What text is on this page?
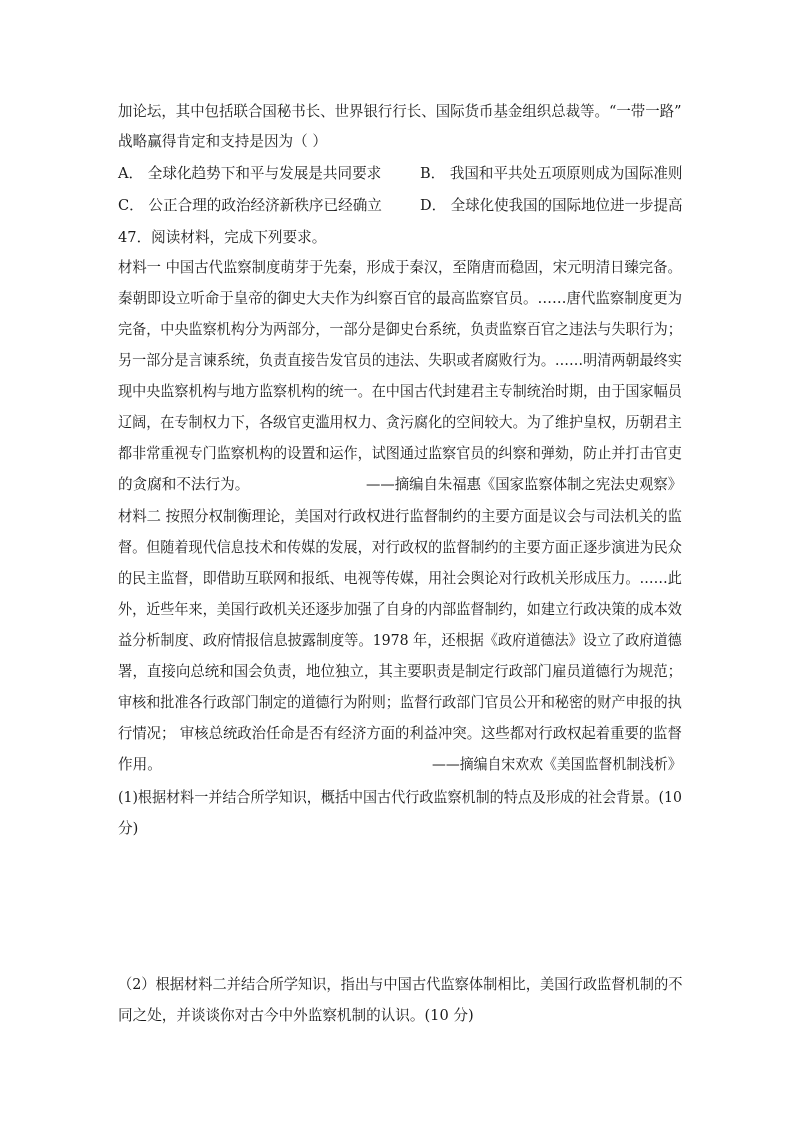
加论坛，其中包括联合国秘书长、世界银行行长、国际货币基金组织总裁等。“一带一路”
战略赢得肯定和支持是因为（ ）
A． 全球化趋势下和平与发展是共同要求	B． 我国和平共处五项原则成为国际准则
C． 公正合理的政治经济新秩序已经确立	D． 全球化使我国的国际地位进一步提高
47．阅读材料，完成下列要求。
材料一 中国古代监察制度萌芽于先秦，形成于秦汉，至隋唐而稳固，宋元明清日臻完备。
秦朝即设立听命于皇帝的御史大夫作为纠察百官的最高监察官员。……唐代监察制度更为
完备，中央监察机构分为两部分，一部分是御史台系统，负责监察百官之违法与失职行为；
另一部分是言谏系统，负责直接告发官员的违法、失职或者腐败行为。……明清两朝最终实
现中央监察机构与地方监察机构的统一。在中国古代封建君主专制统治时期，由于国家幅员
辽阔，在专制权力下，各级官吏滥用权力、贪污腐化的空间较大。为了维护皇权，历朝君主
都非常重视专门监察机构的设置和运作，试图通过监察官员的纠察和弹劾，防止并打击官吏
的贪腐和不法行为。	——摘编自朱福惠《国家监察体制之宪法史观察》
材料二 按照分权制衡理论，美国对行政权进行监督制约的主要方面是议会与司法机关的监
督。但随着现代信息技术和传媒的发展，对行政权的监督制约的主要方面正逐步演进为民众
的民主监督，即借助互联网和报纸、电视等传媒，用社会舆论对行政机关形成压力。……此
外，近些年来，美国行政机关还逐步加强了自身的内部监督制约，如建立行政决策的成本效
益分析制度、政府情报信息披露制度等。1978 年，还根据《政府道德法》设立了政府道德
署，直接向总统和国会负责，地位独立，其主要职责是制定行政部门雇员道德行为规范；
审核和批准各行政部门制定的道德行为附则；监督行政部门官员公开和秘密的财产申报的执
行情况； 审核总统政治任命是否有经济方面的利益冲突。这些都对行政权起着重要的监督
作用。	——摘编自宋欢欢《美国监督机制浅析》
(1)根据材料一并结合所学知识，概括中国古代行政监察机制的特点及形成的社会背景。(10
分)
（2）根据材料二并结合所学知识，指出与中国古代监察体制相比，美国行政监督机制的不
同之处，并谈谈你对古今中外监察机制的认识。(10 分)
